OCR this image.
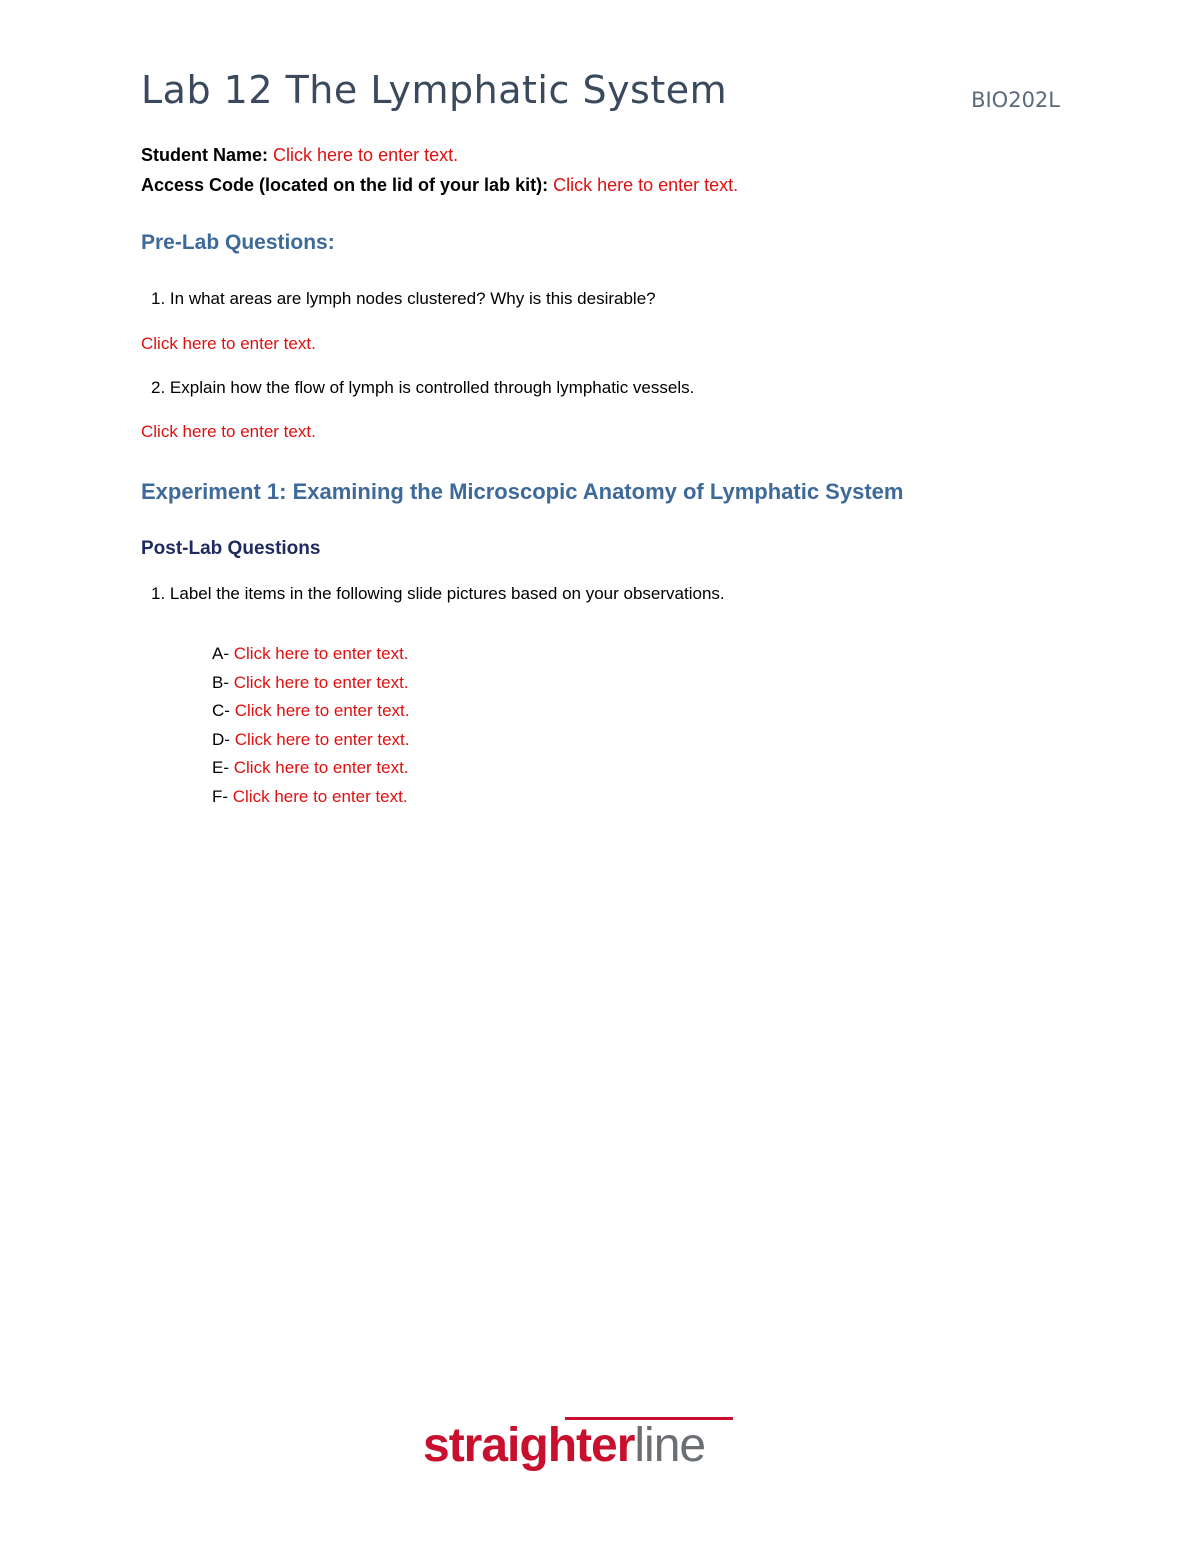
Lab 12 The Lymphatic System	BIO202L
Student Name: Click here to enter text.
Access Code (located on the lid of your lab kit): Click here to enter text.
Pre-Lab Questions:
1. In what areas are lymph nodes clustered? Why is this desirable?
Click here to enter text.
2. Explain how the flow of lymph is controlled through lymphatic vessels.
Click here to enter text.
Experiment 1: Examining the Microscopic Anatomy of Lymphatic System
Post-Lab Questions
1. Label the items in the following slide pictures based on your observations.
A- Click here to enter text.
B- Click here to enter text.
C- Click here to enter text.
D- Click here to enter text.
E- Click here to enter text.
F- Click here to enter text.
straighterline
